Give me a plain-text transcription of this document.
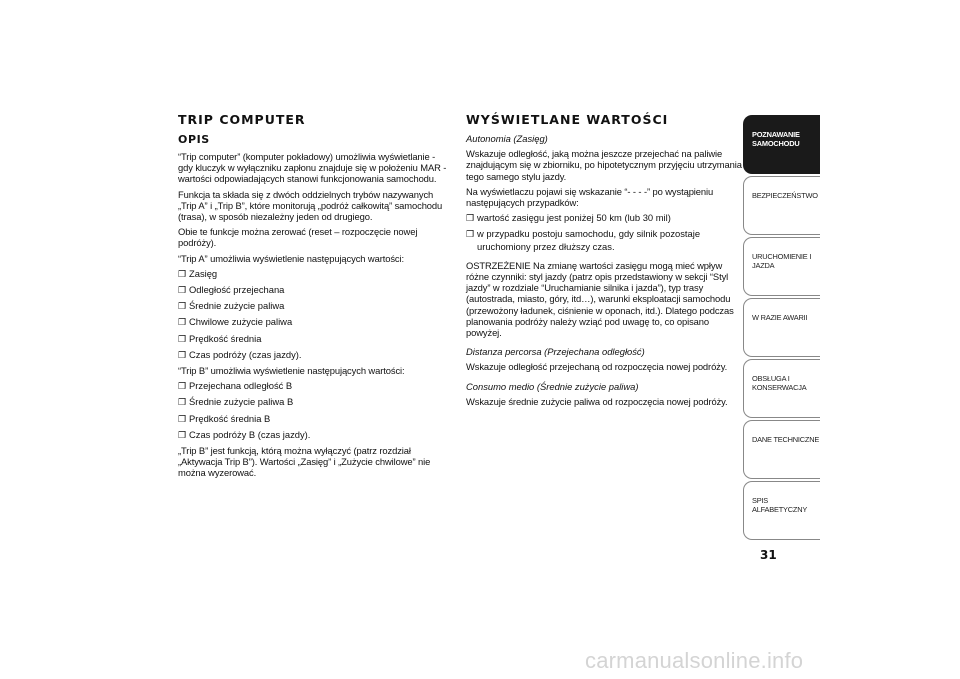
TRIP COMPUTER
OPIS

“Trip computer” (komputer pokładowy) umożliwia wyświetlanie - gdy kluczyk w wyłączniku zapłonu znajduje się w położeniu MAR - wartości odpowiadających stanowi funkcjonowania samochodu.

Funkcja ta składa się z dwóch oddzielnych trybów nazywanych „Trip A” i „Trip B”, które monitorują „podróż całkowitą” samochodu (trasa), w sposób niezależny jeden od drugiego.

Obie te funkcje można zerować (reset – rozpoczęcie nowej podróży).

“Trip A” umożliwia wyświetlenie następujących wartości:

❒ Zasięg

❒ Odległość przejechana

❒ Średnie zużycie paliwa

❒ Chwilowe zużycie paliwa

❒ Prędkość średnia

❒ Czas podróży (czas jazdy).

“Trip B” umożliwia wyświetlenie następujących wartości:

❒ Przejechana odległość B

❒ Średnie zużycie paliwa B

❒ Prędkość średnia B

❒ Czas podróży B (czas jazdy).

„Trip B” jest funkcją, którą można wyłączyć (patrz rozdział „Aktywacja Trip B”). Wartości „Zasięg” i „Zużycie chwilowe” nie można wyzerować.

WYŚWIETLANE WARTOŚCI

Autonomia (Zasięg)

Wskazuje odległość, jaką można jeszcze przejechać na paliwie znajdującym się w zbiorniku, po hipotetycznym przyjęciu utrzymania tego samego stylu jazdy.

Na wyświetlaczu pojawi się wskazanie “- - - -” po wystąpieniu następujących przypadków:

❒ wartość zasięgu jest poniżej 50 km (lub 30 mil)

❒ w przypadku postoju samochodu, gdy silnik pozostaje uruchomiony przez dłuższy czas.

OSTRZEŻENIE Na zmianę wartości zasięgu mogą mieć wpływ różne czynniki: styl jazdy (patrz opis przedstawiony w sekcji “Styl jazdy” w rozdziale “Uruchamianie silnika i jazda”), typ trasy (autostrada, miasto, góry, itd…), warunki eksploatacji samochodu (przewożony ładunek, ciśnienie w oponach, itd.). Dlatego podczas planowania podróży należy wziąć pod uwagę to, co opisano powyżej.

Distanza percorsa (Przejechana odległość)

Wskazuje odległość przejechaną od rozpoczęcia nowej podróży.

Consumo medio (Średnie zużycie paliwa)

Wskazuje średnie zużycie paliwa od rozpoczęcia nowej podróży.

POZNAWANIE SAMOCHODU
BEZPIECZEŃSTWO
URUCHOMIENIE I JAZDA
W RAZIE AWARII
OBSŁUGA I KONSERWACJA
DANE TECHNICZNE
SPIS ALFABETYCZNY
31
carmanualsonline.info
